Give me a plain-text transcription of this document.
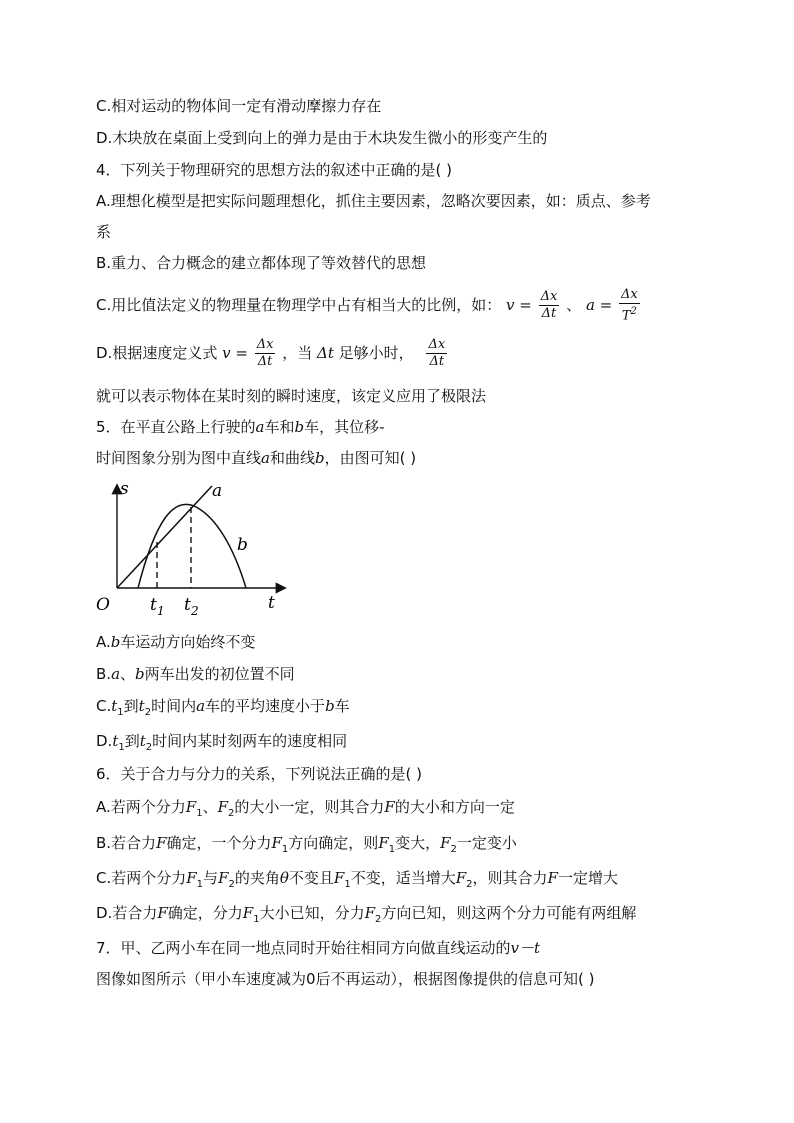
C.相对运动的物体间一定有滑动摩擦力存在
D.木块放在桌面上受到向上的弹力是由于木块发生微小的形变产生的
4．下列关于物理研究的思想方法的叙述中正确的是( )
A.理想化模型是把实际问题理想化，抓住主要因素，忽略次要因素，如：质点、参考
系
B.重力、合力概念的建立都体现了等效替代的思想
C.用比值法定义的物理量在物理学中占有相当大的比例，如： $v = \frac{\Delta x}{\Delta t}$ 、 $a = \frac{\Delta x}{T^2}$
D.根据速度定义式 $v = \frac{\Delta x}{\Delta t}$ ，当 Δt 足够小时， $\frac{\Delta x}{\Delta t}$
就可以表示物体在某时刻的瞬时速度，该定义应用了极限法
5．在平直公路上行驶的a车和b车，其位移-
时间图象分别为图中直线a和曲线b，由图可知( )
s
t
O
a
b
t 1 t 2
A.b车运动方向始终不变
B.a、b两车出发的初位置不同
$C.t_1$到$t_2$时间内a车的平均速度小于b车
$D.t_1$到$t_2$时间内某时刻两车的速度相同
6．关于合力与分力的关系，下列说法正确的是( )
A.若两个分力$F_1$、$F_2$的大小一定，则其合力F的大小和方向一定
B.若合力F确定，一个分力$F_1$方向确定，则$F_1$变大，$F_2$一定变小
C.若两个分力$F_1$与$F_2$的夹角θ不变且$F_1$不变，适当增大$F_2$，则其合力F一定增大
D.若合力F确定，分力$F_1$大小已知，分力$F_2$方向已知，则这两个分力可能有两组解
7．甲、乙两小车在同一地点同时开始往相同方向做直线运动的v－t
图像如图所示（甲小车速度减为0后不再运动），根据图像提供的信息可知( )
